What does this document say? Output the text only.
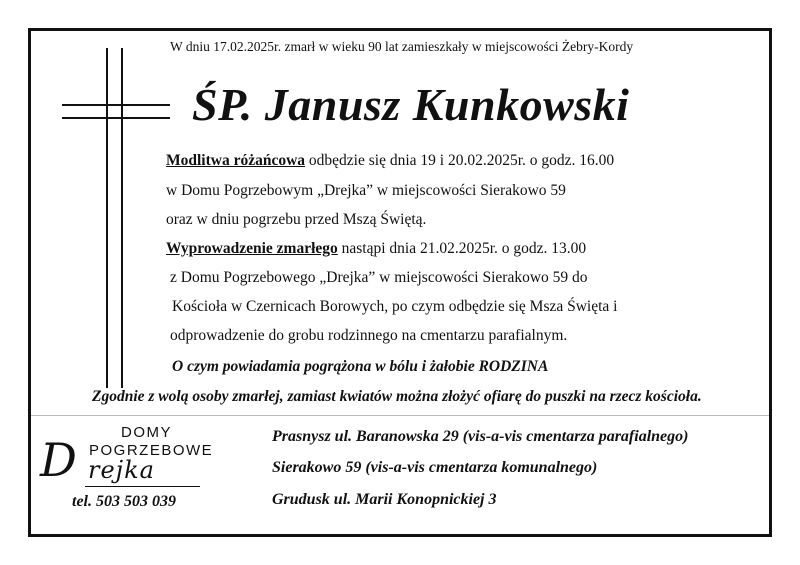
W dniu 17.02.2025r. zmarł w wieku 90 lat zamieszkały w miejscowości Żebry-Kordy
ŚP. Janusz Kunkowski
Modlitwa różańcowa odbędzie się dnia 19 i 20.02.2025r. o godz. 16.00
w Domu Pogrzebowym „Drejka” w miejscowości Sierakowo 59
oraz w dniu pogrzebu przed Mszą Świętą.
Wyprowadzenie zmarłego nastąpi dnia 21.02.2025r. o godz. 13.00
z Domu Pogrzebowego „Drejka” w miejscowości Sierakowo 59 do
Kościoła w Czernicach Borowych, po czym odbędzie się Msza Święta i
odprowadzenie do grobu rodzinnego na cmentarzu parafialnym.
O czym powiadamia pogrążona w bólu i żałobie RODZINA
Zgodnie z wolą osoby zmarłej, zamiast kwiatów można złożyć ofiarę do puszki na rzecz kościoła.
DOMY
POGRZEBOWE
D rejka
tel. 503 503 039
Prasnysz ul. Baranowska 29 (vis-a-vis cmentarza parafialnego)
Sierakowo 59 (vis-a-vis cmentarza komunalnego)
Grudusk ul. Marii Konopnickiej 3
